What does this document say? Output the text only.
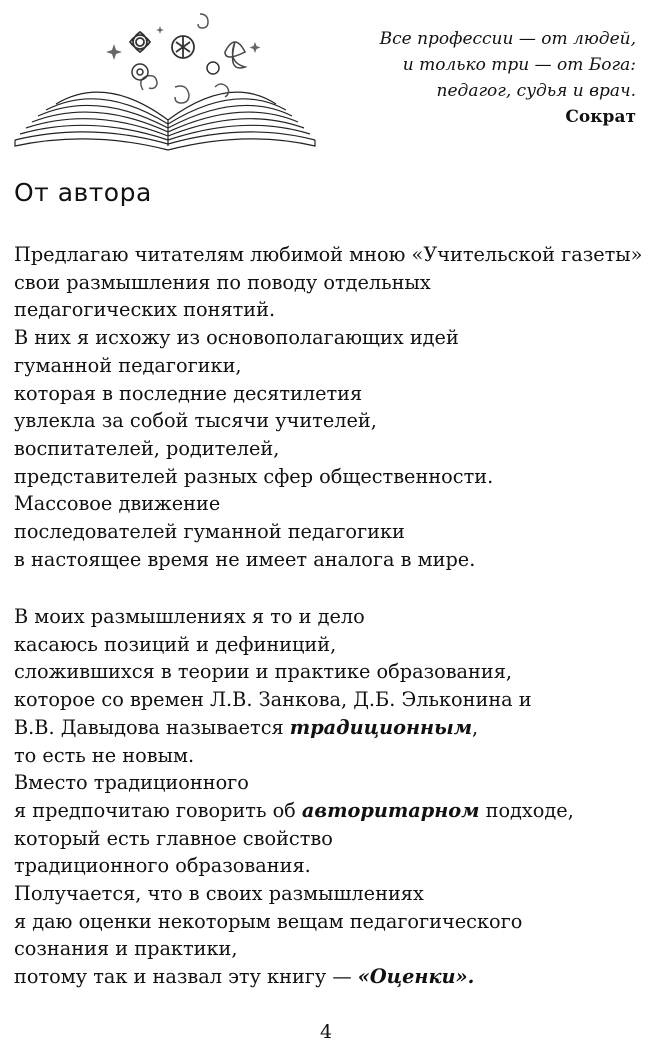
Все профессии — от людей,
и только три — от Бога:
педагог, судья и врач.
Сократ
От автора
Предлагаю читателям любимой мною «Учительской газеты»
свои размышления по поводу отдельных
педагогических понятий.
В них я исхожу из основополагающих идей
гуманной педагогики,
которая в последние десятилетия
увлекла за собой тысячи учителей,
воспитателей, родителей,
представителей разных сфер общественности.
Массовое движение
последователей гуманной педагогики
в настоящее время не имеет аналога в мире.
В моих размышлениях я то и дело
касаюсь позиций и дефиниций,
сложившихся в теории и практике образования,
которое со времен Л.В. Занкова, Д.Б. Эльконина и
В.В. Давыдова называется традиционным,
то есть не новым.
Вместо традиционного
я предпочитаю говорить об авторитарном подходе,
который есть главное свойство
традиционного образования.
Получается, что в своих размышлениях
я даю оценки некоторым вещам педагогического
сознания и практики,
потому так и назвал эту книгу — «Оценки».
4
